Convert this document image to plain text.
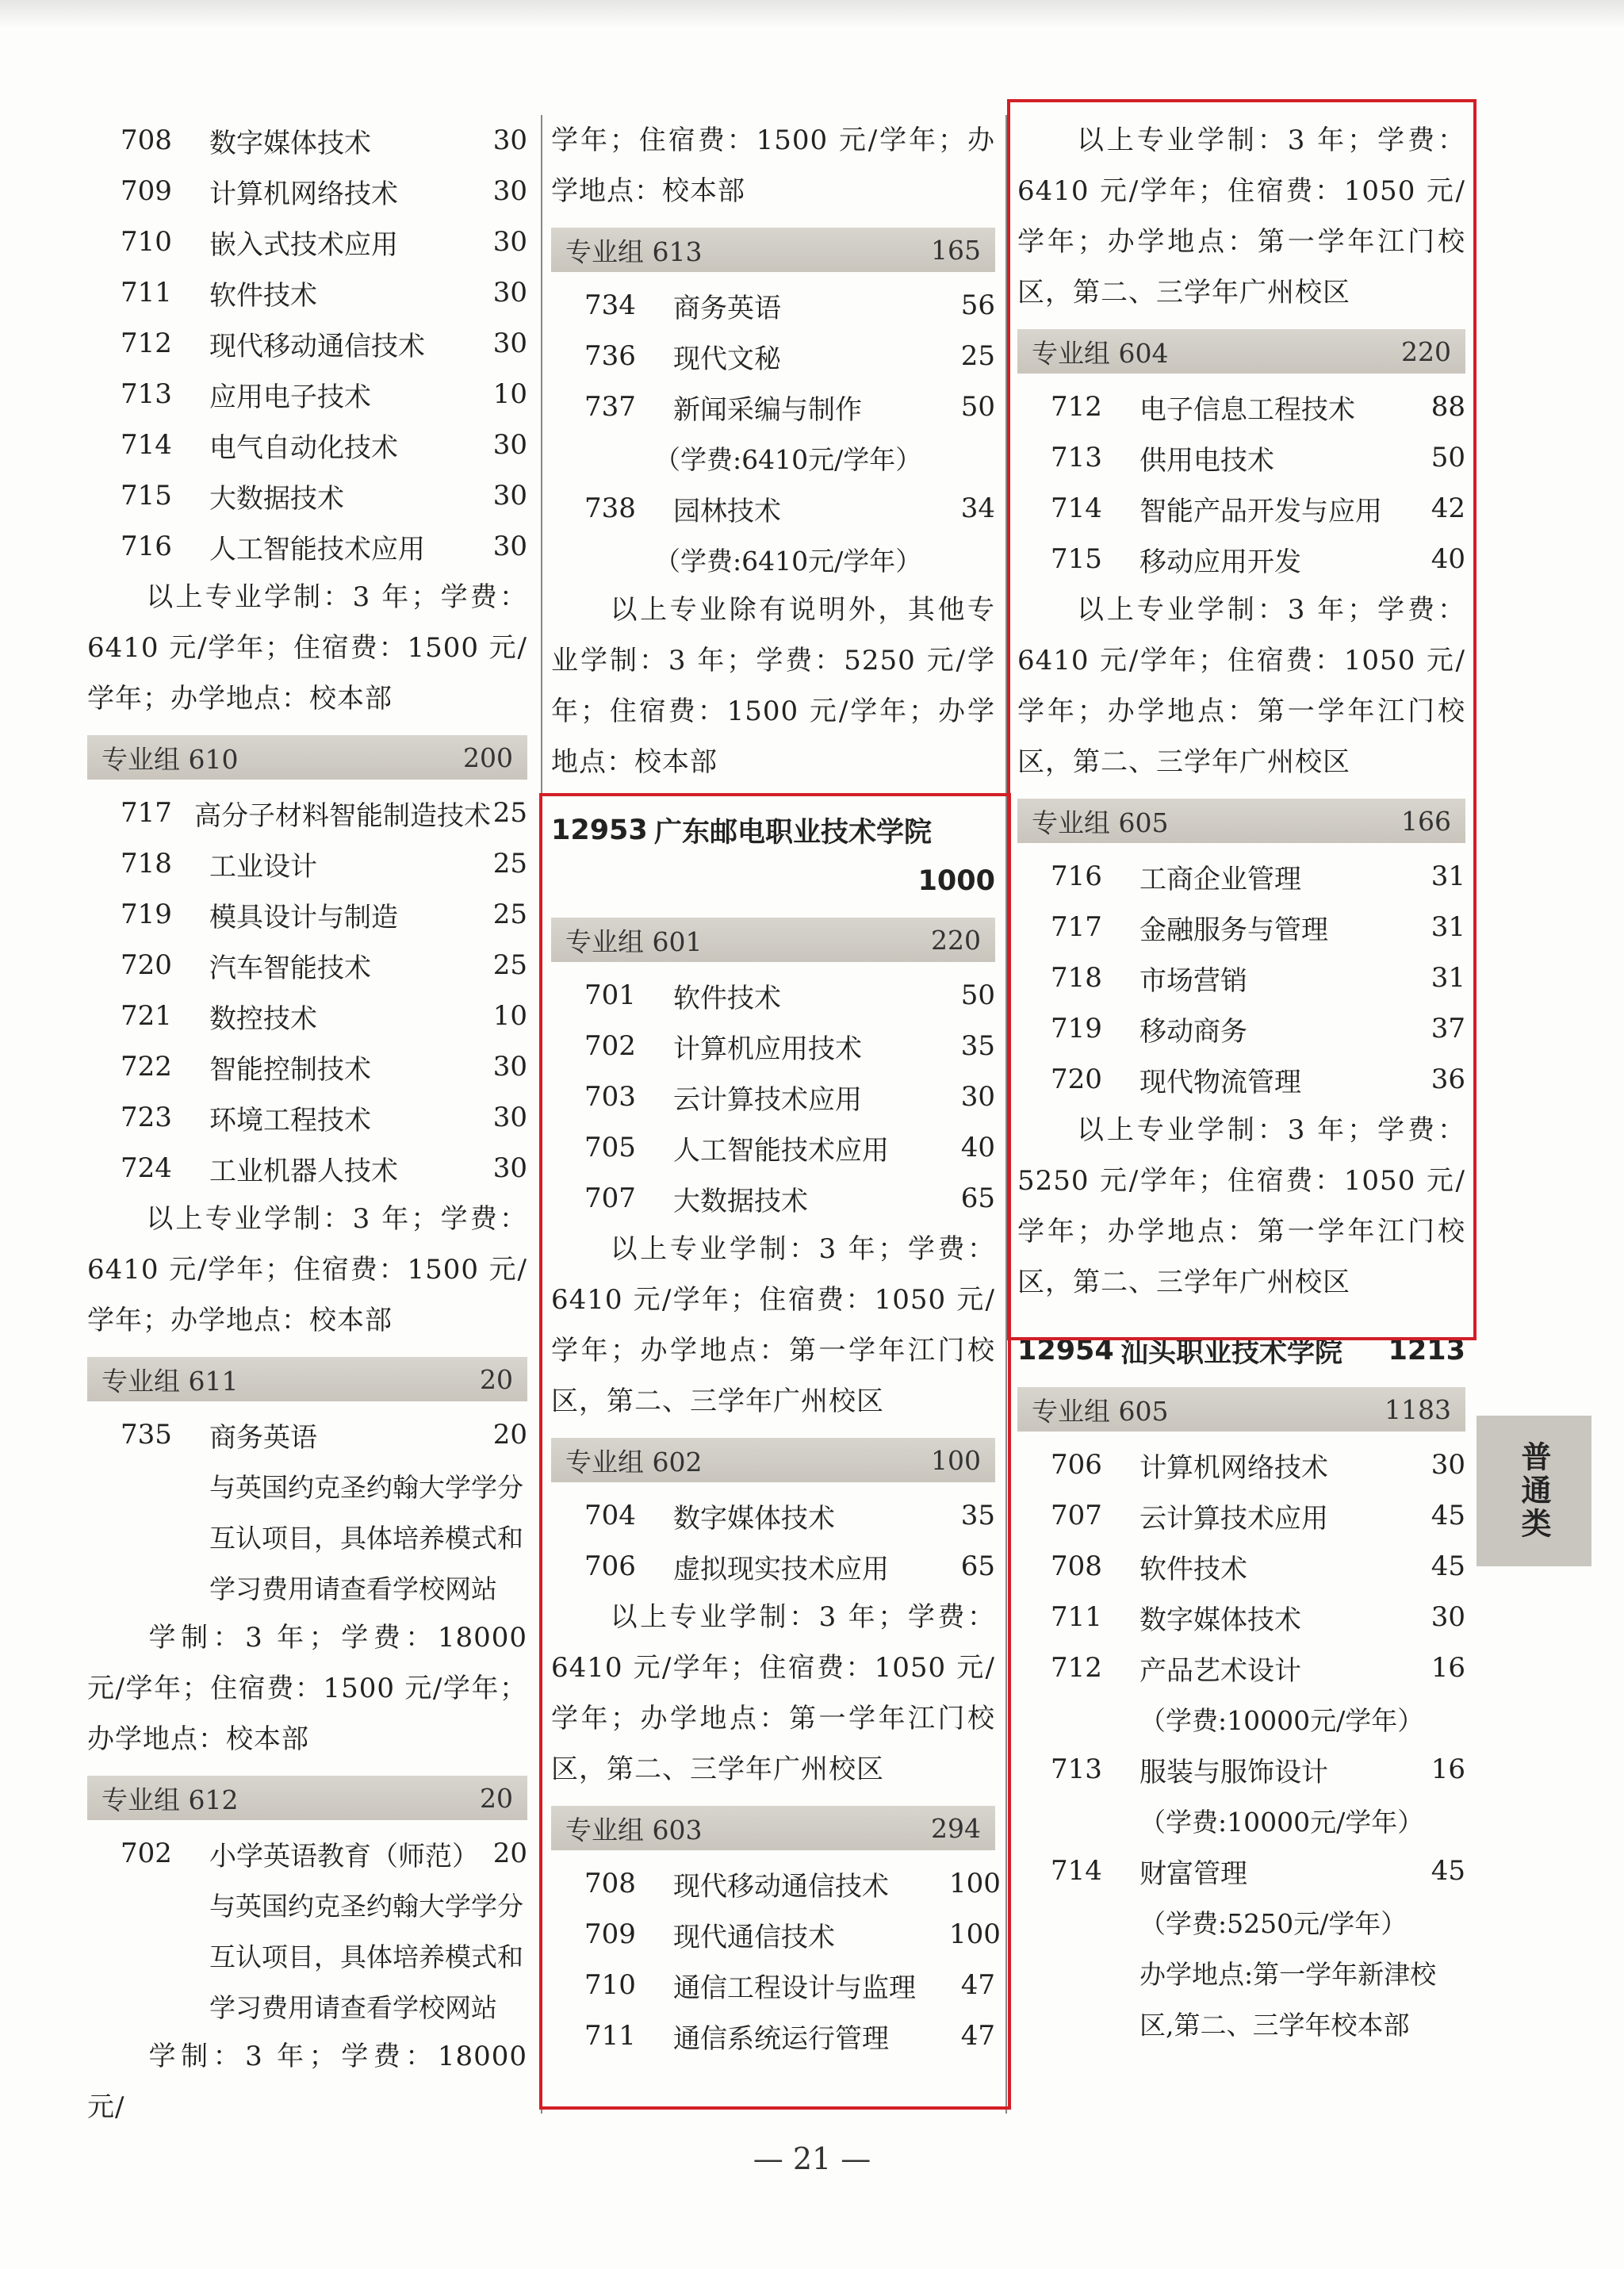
708	数字媒体技术	30
709	计算机网络技术	30
710	嵌入式技术应用	30
711	软件技术	30
712	现代移动通信技术	30
713	应用电子技术	10
714	电气自动化技术	30
715	大数据技术	30
716	人工智能技术应用	30
以上专业学制：3 年；学费：6410 元/学年；住宿费：1500 元/学年；办学地点：校本部
专业组 610	200
717 高分子材料智能制造技术 25
718	工业设计	25
719	模具设计与制造	25
720	汽车智能技术	25
721	数控技术	10
722	智能控制技术	30
723	环境工程技术	30
724	工业机器人技术	30
以上专业学制：3 年；学费：6410 元/学年；住宿费：1500 元/学年；办学地点：校本部
专业组 611	20
735	商务英语	20
与英国约克圣约翰大学学分
互认项目，具体培养模式和
学习费用请查看学校网站
学制：3 年；学费：18000 元/学年；住宿费：1500 元/学年；办学地点：校本部
专业组 612	20
702	小学英语教育（师范） 20
与英国约克圣约翰大学学分
互认项目，具体培养模式和
学习费用请查看学校网站
学制：3 年；学费：18000 元/
学年；住宿费：1500 元/学年；办学地点：校本部
专业组 613	165
734	商务英语	56
736	现代文秘	25
737	新闻采编与制作	50
（学费:6410元/学年）
738	园林技术	34
（学费:6410元/学年）
以上专业除有说明外，其他专业学制：3 年；学费：5250 元/学年；住宿费：1500 元/学年；办学地点：校本部
12953 广东邮电职业技术学院
1000
专业组 601	220
701	软件技术	50
702	计算机应用技术	35
703	云计算技术应用	30
705	人工智能技术应用	40
707	大数据技术	65
以上专业学制：3 年；学费：6410 元/学年；住宿费：1050 元/学年；办学地点：第一学年江门校区，第二、三学年广州校区
专业组 602	100
704	数字媒体技术	35
706	虚拟现实技术应用	65
以上专业学制：3 年；学费：6410 元/学年；住宿费：1050 元/学年；办学地点：第一学年江门校区，第二、三学年广州校区
专业组 603	294
708	现代移动通信技术	100
709	现代通信技术	100
710	通信工程设计与监理	47
711	通信系统运行管理	47
以上专业学制：3 年；学费：6410 元/学年；住宿费：1050 元/学年；办学地点：第一学年江门校区，第二、三学年广州校区
专业组 604	220
712	电子信息工程技术	88
713	供用电技术	50
714	智能产品开发与应用	42
715	移动应用开发	40
以上专业学制：3 年；学费：6410 元/学年；住宿费：1050 元/学年；办学地点：第一学年江门校区，第二、三学年广州校区
专业组 605	166
716	工商企业管理	31
717	金融服务与管理	31
718	市场营销	31
719	移动商务	37
720	现代物流管理	36
以上专业学制：3 年；学费：5250 元/学年；住宿费：1050 元/学年；办学地点：第一学年江门校区，第二、三学年广州校区
12954 汕头职业技术学院	1213
专业组 605	1183
706	计算机网络技术	30
707	云计算技术应用	45
708	软件技术	45
711	数字媒体技术	30
712	产品艺术设计	16
（学费:10000元/学年）
713	服装与服饰设计	16
（学费:10000元/学年）
714	财富管理	45
（学费:5250元/学年）
办学地点:第一学年新津校
区,第二、三学年校本部
普通类
— 21 —
